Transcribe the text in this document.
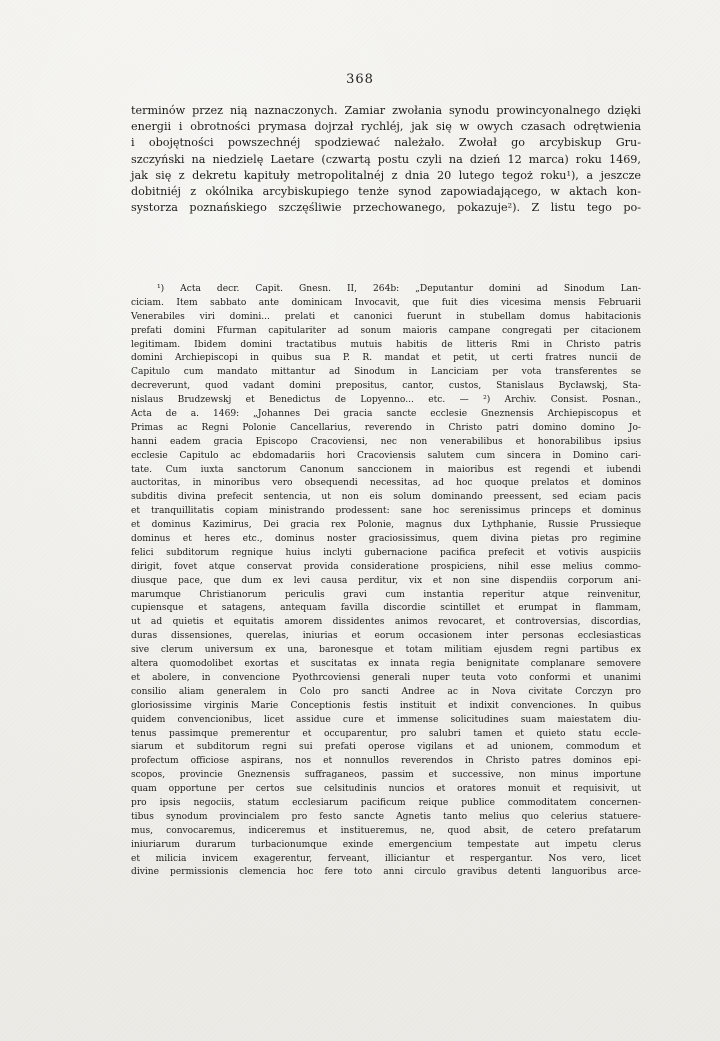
368
terminów przez nią naznaczonych. Zamiar zwołania synodu prowincyonalnego dzięki
energii i obrotności prymasa dojrzał rychléj, jak się w owych czasach odrętwienia
i obojętności powszechnéj spodziewać należało. Zwołał go arcybiskup Gru-
szczyński na niedzielę Laetare (czwartą postu czyli na dzień 12 marca) roku 1469,
jak się z dekretu kapituły metropolitalnéj z dnia 20 lutego tegoż roku¹), a jeszcze
dobitniéj z okólnika arcybiskupiego tenże synod zapowiadającego, w aktach kon-
systorza poznańskiego szczęśliwie przechowanego, pokazuje²). Z listu tego po-
¹) Acta decr. Capit. Gnesn. II, 264b: „Deputantur domini ad Sinodum Lan-
ciciam. Item sabbato ante dominicam Invocavit, que fuit dies vicesima mensis Februarii
Venerabiles viri domini... prelati et canonici fuerunt in stubellam domus habitacionis
prefati domini Ffurman capitulariter ad sonum maioris campane congregati per citacionem
legitimam. Ibidem domini tractatibus mutuis habitis de litteris Rmi in Christo patris
domini Archiepiscopi in quibus sua P. R. mandat et petit, ut certi fratres nuncii de
Capitulo cum mandato mittantur ad Sinodum in Lanciciam per vota transferentes se
decreverunt, quod vadant domini prepositus, cantor, custos, Stanislaus Bycławskj, Sta-
nislaus Brudzewskj et Benedictus de Lopyenno... etc. — ²) Archiv. Consist. Posnan.,
Acta de a. 1469: „Johannes Dei gracia sancte ecclesie Gneznensis Archiepiscopus et
Primas ac Regni Polonie Cancellarius, reverendo in Christo patri domino domino Jo-
hanni eadem gracia Episcopo Cracoviensi, nec non venerabilibus et honorabilibus ipsius
ecclesie Capitulo ac ebdomadariis hori Cracoviensis salutem cum sincera in Domino cari-
tate. Cum iuxta sanctorum Canonum sanccionem in maioribus est regendi et iubendi
auctoritas, in minoribus vero obsequendi necessitas, ad hoc quoque prelatos et dominos
subditis divina prefecit sentencia, ut non eis solum dominando preessent, sed eciam pacis
et tranquillitatis copiam ministrando prodessent: sane hoc serenissimus princeps et dominus
et dominus Kazimirus, Dei gracia rex Polonie, magnus dux Lythphanie, Russie Prussieque
dominus et heres etc., dominus noster graciosissimus, quem divina pietas pro regimine
felici subditorum regnique huius inclyti gubernacione pacifica prefecit et votivis auspiciis
dirigit, fovet atque conservat provida consideratione prospiciens, nihil esse melius commo-
diusque pace, que dum ex levi causa perditur, vix et non sine dispendiis corporum ani-
marumque Christianorum periculis gravi cum instantia reperitur atque reinvenitur,
cupiensque et satagens, antequam favilla discordie scintillet et erumpat in flammam,
ut ad quietis et equitatis amorem dissidentes animos revocaret, et controversias, discordias,
duras dissensiones, querelas, iniurias et eorum occasionem inter personas ecclesiasticas
sive clerum universum ex una, baronesque et totam militiam ejusdem regni partibus ex
altera quomodolibet exortas et suscitatas ex innata regia benignitate complanare semovere
et abolere, in convencione Pyothrcoviensi generali nuper teuta voto conformi et unanimi
consilio aliam generalem in Colo pro sancti Andree ac in Nova civitate Corczyn pro
gloriosissime virginis Marie Conceptionis festis instituit et indixit convenciones. In quibus
quidem convencionibus, licet assidue cure et immense solicitudines suam maiestatem diu-
tenus passimque premerentur et occuparentur, pro salubri tamen et quieto statu eccle-
siarum et subditorum regni sui prefati operose vigilans et ad unionem, commodum et
profectum officiose aspirans, nos et nonnullos reverendos in Christo patres dominos epi-
scopos, provincie Gneznensis suffraganeos, passim et successive, non minus importune
quam opportune per certos sue celsitudinis nuncios et oratores monuit et requisivit, ut
pro ipsis negociis, statum ecclesiarum pacificum reique publice commoditatem concernen-
tibus synodum provincialem pro festo sancte Agnetis tanto melius quo celerius statuere-
mus, convocaremus, indiceremus et institueremus, ne, quod absit, de cetero prefatarum
iniuriarum durarum turbacionumque exinde emergencium tempestate aut impetu clerus
et milicia invicem exagerentur, ferveant, illiciantur et respergantur. Nos vero, licet
divine permissionis clemencia hoc fere toto anni circulo gravibus detenti languoribus arce-
